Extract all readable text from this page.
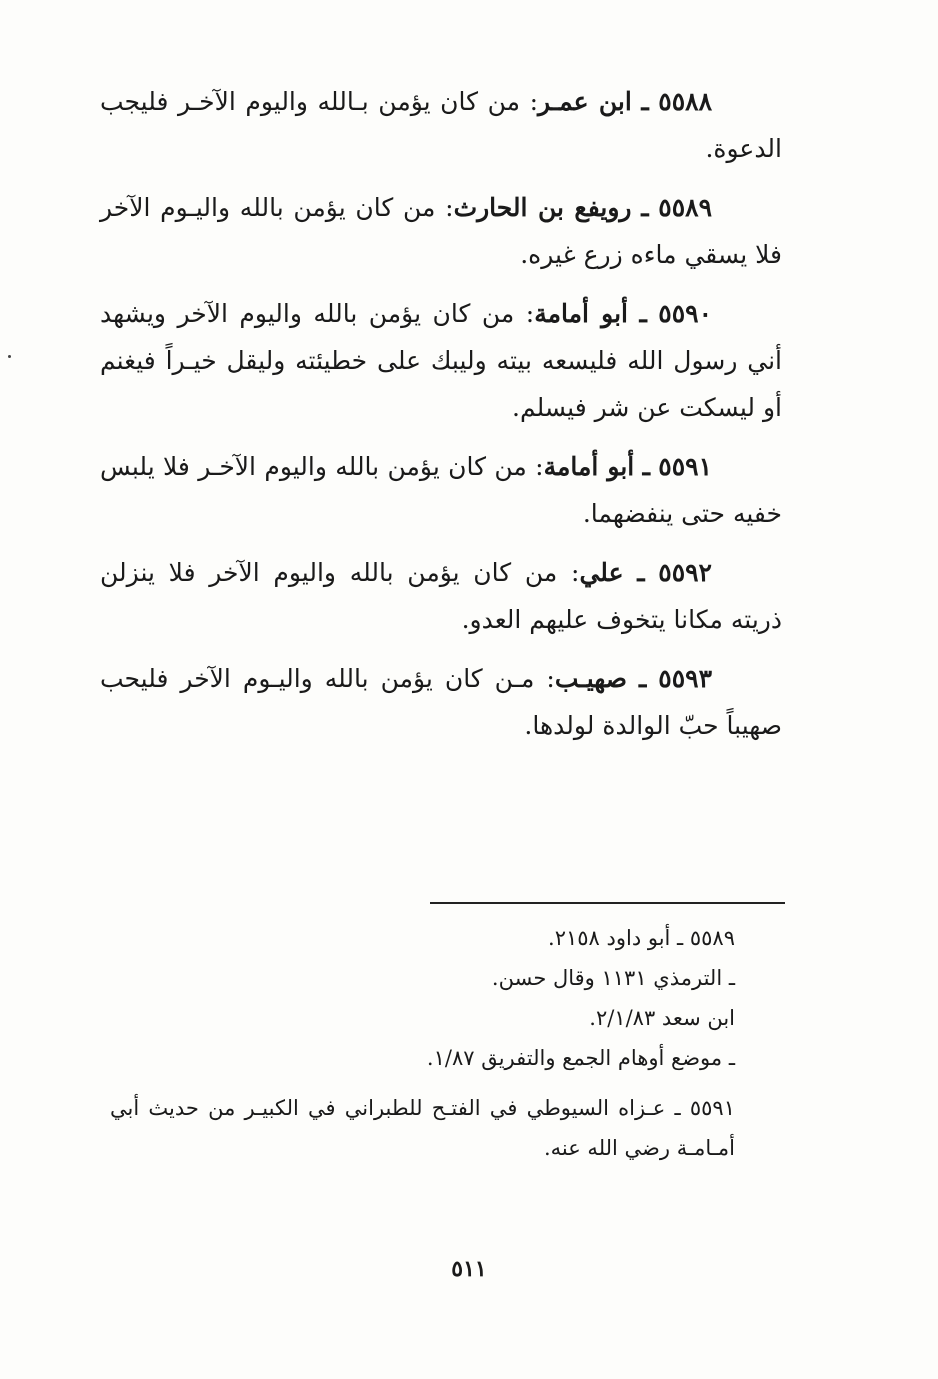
٥٥٨٨ ـ ابن عمـر: من كان يؤمن بـالله واليوم الآخـر فليجب الدعوة.

٥٥٨٩ ـ رويفع بن الحارث: من كان يؤمن بالله واليـوم الآخر فلا يسقي ماءه زرع غيره.

٥٥٩٠ ـ أبو أمامة: من كان يؤمن بالله واليوم الآخر ويشهد أني رسول الله فليسعه بيته وليبك على خطيئته وليقل خيـراً فيغنم أو ليسكت عن شر فيسلم.

٥٥٩١ ـ أبو أمامة: من كان يؤمن بالله واليوم الآخـر فلا يلبس خفيه حتى ينفضهما.

٥٥٩٢ ـ علي: من كان يؤمن بالله واليوم الآخر فلا ينزلن ذريته مكانا يتخوف عليهم العدو.

٥٥٩٣ ـ صهيـب: مـن كان يؤمن بالله واليـوم الآخر فليحب صهيباً حبّ الوالدة لولدها.

٥٥٨٩ ـ أبو داود ٢١٥٨.

ـ الترمذي ١١٣١ وقال حسن.

ابن سعد ٢/١/٨٣.

ـ موضع أوهام الجمع والتفريق ١/٨٧.

٥٥٩١ ـ عـزاه السيوطي في الفتـح للطبراني في الكبيـر من حديث أبي أمـامـة رضي الله عنه.

٥١١
